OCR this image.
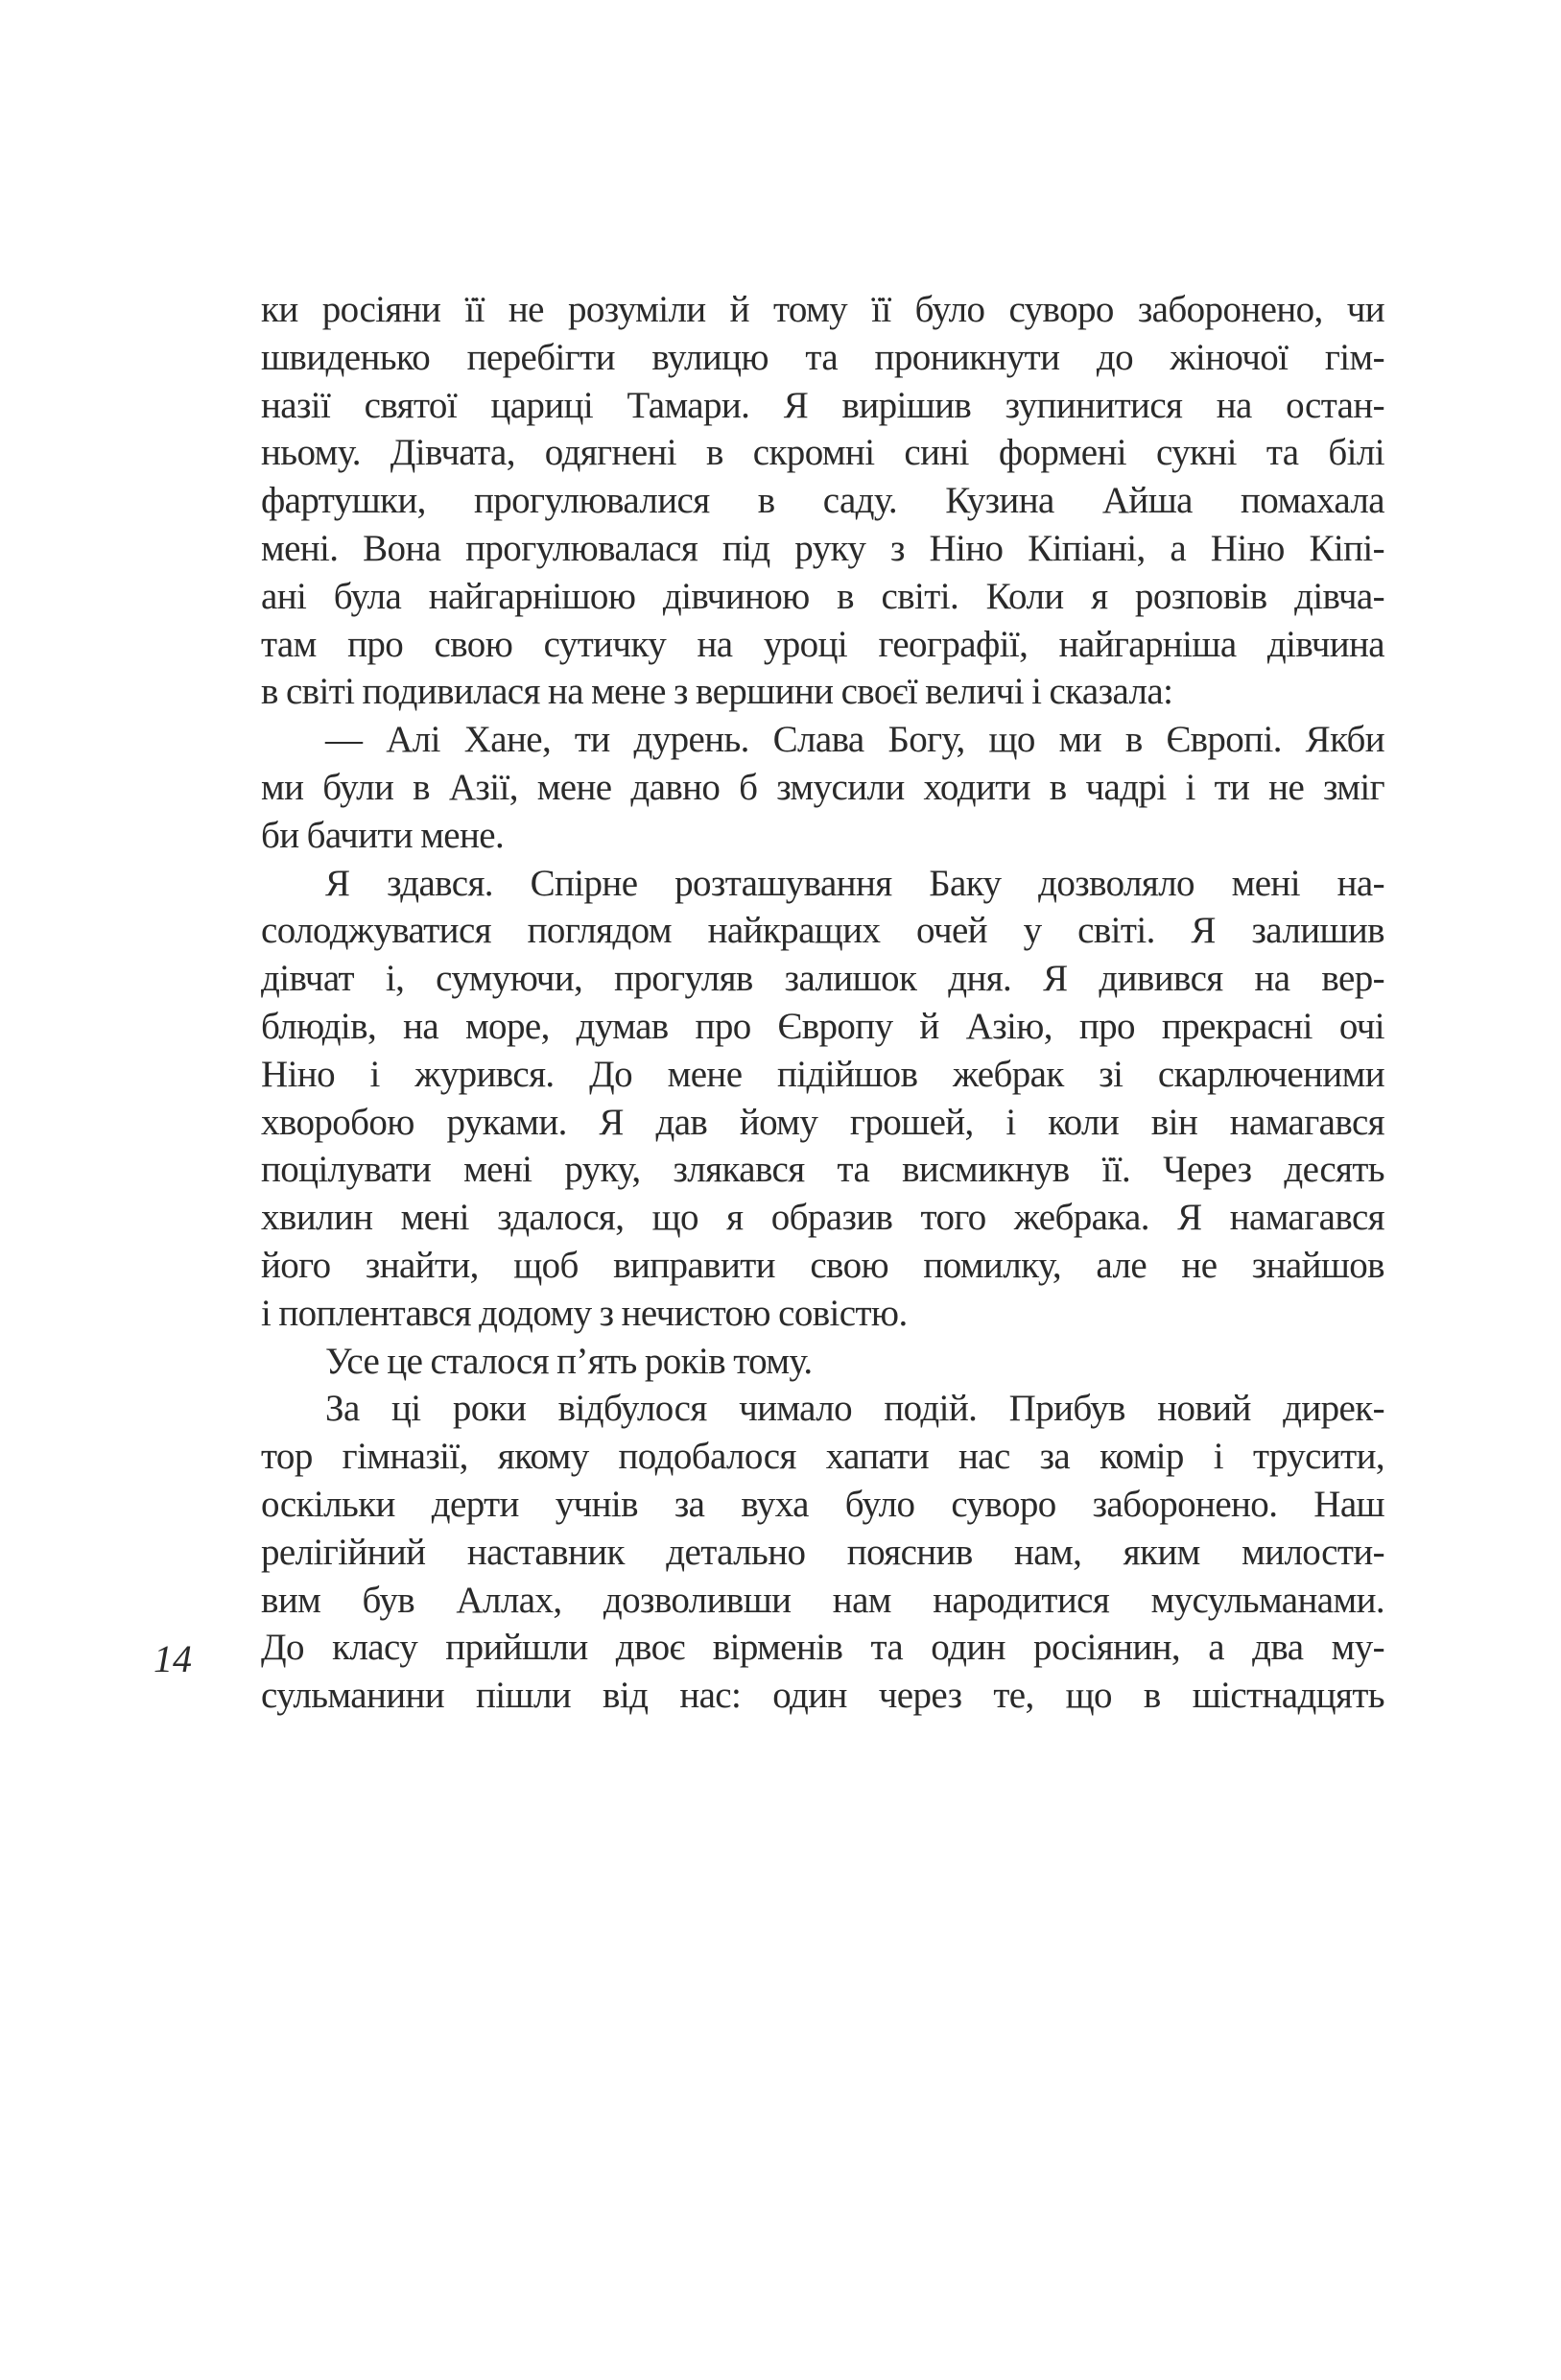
ки росіяни її не розуміли й тому її було суворо заборонено, чи
швиденько перебігти вулицю та проникнути до жіночої гім-
назії святої цариці Тамари. Я вирішив зупинитися на остан-
ньому. Дівчата, одягнені в скромні сині формені сукні та білі
фартушки, прогулювалися в саду. Кузина Айша помахала
мені. Вона прогулювалася під руку з Ніно Кіпіані, а Ніно Кіпі-
ані була найгарнішою дівчиною в світі. Коли я розповів дівча-
там про свою сутичку на уроці географії, найгарніша дівчина
в світі подивилася на мене з вершини своєї величі і сказала:
— Алі Хане, ти дурень. Слава Богу, що ми в Європі. Якби
ми були в Азії, мене давно б змусили ходити в чадрі і ти не зміг
би бачити мене.
Я здався. Спірне розташування Баку дозволяло мені на-
солоджуватися поглядом найкращих очей у світі. Я залишив
дівчат і, сумуючи, прогуляв залишок дня. Я дивився на вер-
блюдів, на море, думав про Європу й Азію, про прекрасні очі
Ніно і журився. До мене підійшов жебрак зі скарлюченими
хворобою руками. Я дав йому грошей, і коли він намагався
поцілувати мені руку, злякався та висмикнув її. Через десять
хвилин мені здалося, що я образив того жебрака. Я намагався
його знайти, щоб виправити свою помилку, але не знайшов
і поплентався додому з нечистою совістю.
Усе це сталося п’ять років тому.
За ці роки відбулося чимало подій. Прибув новий дирек-
тор гімназії, якому подобалося хапати нас за комір і трусити,
оскільки дерти учнів за вуха було суворо заборонено. Наш
релігійний наставник детально пояснив нам, яким милости-
вим був Аллах, дозволивши нам народитися мусульманами.
До класу прийшли двоє вірменів та один росіянин, а два му-
сульманини пішли від нас: один через те, що в шістнадцять
14
